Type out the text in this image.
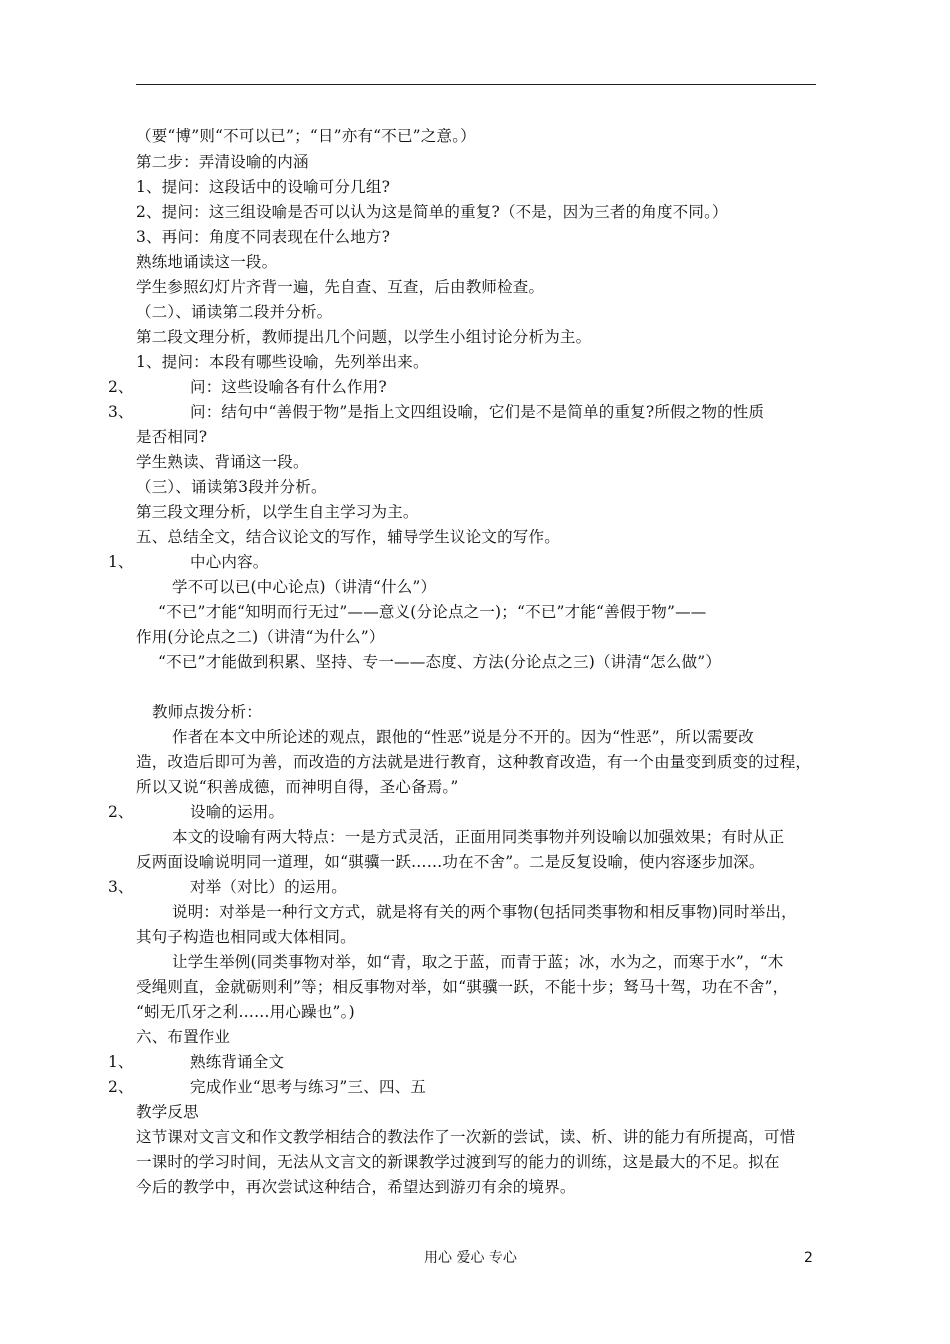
（要“博”则“不可以已”；“日”亦有“不已”之意。）
第二步：弄清设喻的内涵
1、提问：这段话中的设喻可分几组?
2、提问：这三组设喻是否可以认为这是简单的重复?（不是，因为三者的角度不同。）
3、再问：角度不同表现在什么地方?
熟练地诵读这一段。
学生参照幻灯片齐背一遍，先自查、互查，后由教师检查。
（二）、诵读第二段并分析。
第二段文理分析，教师提出几个问题，以学生小组讨论分析为主。
1、提问：本段有哪些设喻，先列举出来。
2、	问：这些设喻各有什么作用?
3、	问：结句中“善假于物”是指上文四组设喻，它们是不是简单的重复?所假之物的性质
是否相同?
学生熟读、背诵这一段。
（三）、诵读第3段并分析。
第三段文理分析，以学生自主学习为主。
五、总结全文，结合议论文的写作，辅导学生议论文的写作。
1、	中心内容。
学不可以已(中心论点)（讲清“什么”）
“不已”才能“知明而行无过”——意义(分论点之一)；“不已”才能“善假于物”——
作用(分论点之二)（讲清“为什么”）
“不已”才能做到积累、坚持、专一——态度、方法(分论点之三)（讲清“怎么做”）
教师点拨分析：
作者在本文中所论述的观点，跟他的“性恶”说是分不开的。因为“性恶”，所以需要改
造，改造后即可为善，而改造的方法就是进行教育，这种教育改造，有一个由量变到质变的过程，
所以又说“积善成德，而神明自得，圣心备焉。”
2、	设喻的运用。
本文的设喻有两大特点：一是方式灵活，正面用同类事物并列设喻以加强效果；有时从正
反两面设喻说明同一道理，如“骐骥一跃……功在不舍”。二是反复设喻，使内容逐步加深。
3、	对举（对比）的运用。
说明：对举是一种行文方式，就是将有关的两个事物(包括同类事物和相反事物)同时举出，
其句子构造也相同或大体相同。
让学生举例(同类事物对举，如“青，取之于蓝，而青于蓝；冰，水为之，而寒于水”，“木
受绳则直，金就砺则利”等；相反事物对举，如“骐骥一跃，不能十步；驽马十驾，功在不舍”，
“蚓无爪牙之利……用心躁也”。)
六、布置作业
1、	熟练背诵全文
2、	完成作业“思考与练习”三、四、五
教学反思
这节课对文言文和作文教学相结合的教法作了一次新的尝试，读、析、讲的能力有所提高，可惜
一课时的学习时间，无法从文言文的新课教学过渡到写的能力的训练，这是最大的不足。拟在
今后的教学中，再次尝试这种结合，希望达到游刃有余的境界。
用心 爱心 专心	2
